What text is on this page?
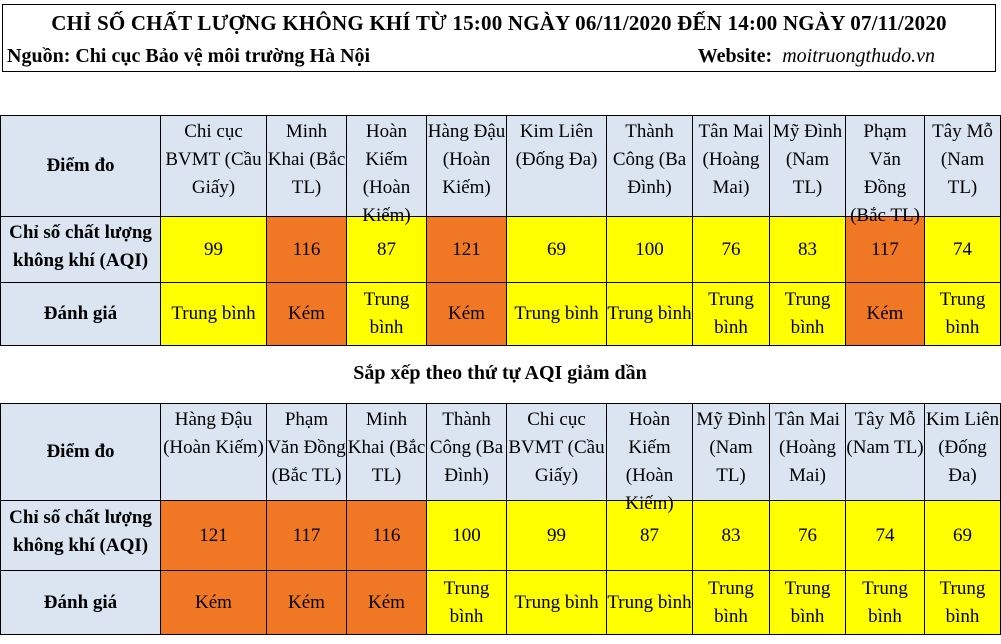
CHỈ SỐ CHẤT LƯỢNG KHÔNG KHÍ TỪ 15:00 NGÀY 06/11/2020 ĐẾN 14:00 NGÀY 07/11/2020
Nguồn: Chi cục Bảo vệ môi trường Hà Nội	Website: moitruongthudo.vn
Điểm đo	Chi cục BVMT (Cầu Giấy)	Minh Khai (Bắc TL)	Hoàn Kiếm (Hoàn Kiếm)	Hàng Đậu (Hoàn Kiếm)	Kim Liên (Đống Đa)	Thành Công (Ba Đình)	Tân Mai (Hoàng Mai)	Mỹ Đình (Nam TL)	Phạm Văn Đồng (Bắc TL)	Tây Mỗ (Nam TL)

Chỉ số chất lượng không khí (AQI)	99	116	87	121	69	100	76	83	117	74
Đánh giá	Trung bình	Kém	Trung bình	Kém	Trung bình	Trung bình	Trung bình	Trung bình	Kém	Trung bình
Sắp xếp theo thứ tự AQI giảm dần
Điểm đo	Hàng Đậu (Hoàn Kiếm)	Phạm Văn Đồng (Bắc TL)	Minh Khai (Bắc TL)	Thành Công (Ba Đình)	Chi cục BVMT (Cầu Giấy)	Hoàn Kiếm (Hoàn Kiếm)	Mỹ Đình (Nam TL)	Tân Mai (Hoàng Mai)	Tây Mỗ (Nam TL)	Kim Liên (Đống Đa)

Chỉ số chất lượng không khí (AQI)	121	117	116	100	99	87	83	76	74	69
Đánh giá	Kém	Kém	Kém	Trung bình	Trung bình	Trung bình	Trung bình	Trung bình	Trung bình	Trung bình
